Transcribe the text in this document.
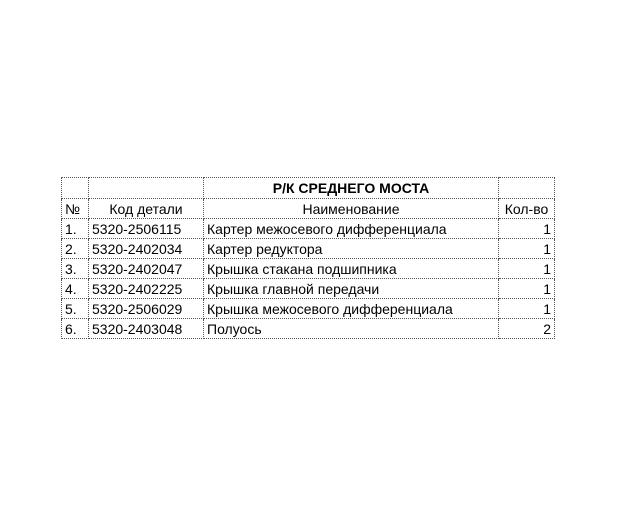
		Р/К СРЕДНЕГО МОСТА	
№	Код детали	Наименование	Кол-во
1.	5320-2506115	Картер межосевого дифференциала	1
2.	5320-2402034	Картер редуктора	1
3.	5320-2402047	Крышка стакана подшипника	1
4.	5320-2402225	Крышка главной передачи	1
5.	5320-2506029	Крышка межосевого дифференциала	1
6.	5320-2403048	Полуось	2
